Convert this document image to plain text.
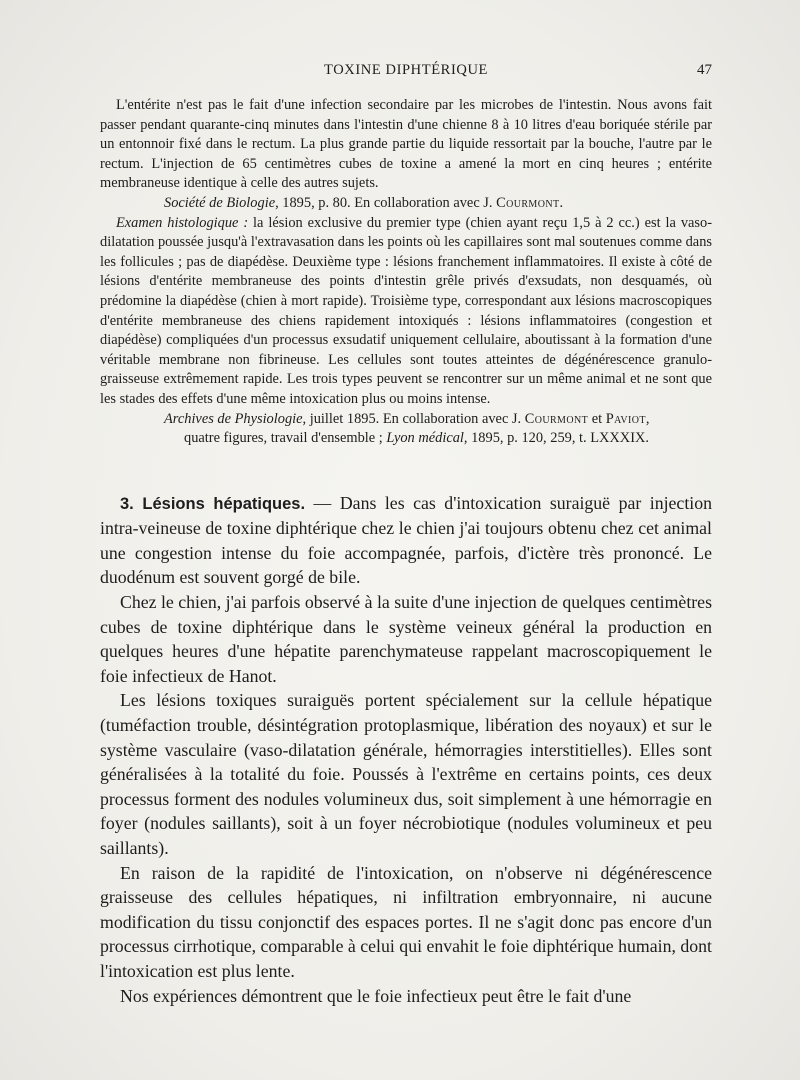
TOXINE DIPHTÉRIQUE	47

L'entérite n'est pas le fait d'une infection secondaire par les microbes de l'intestin. Nous avons fait passer pendant quarante-cinq minutes dans l'intestin d'une chienne 8 à 10 litres d'eau boriquée stérile par un entonnoir fixé dans le rectum. La plus grande partie du liquide ressortait par la bouche, l'autre par le rectum. L'injection de 65 centimètres cubes de toxine a amené la mort en cinq heures ; entérite membraneuse identique à celle des autres sujets.

Société de Biologie, 1895, p. 80. En collaboration avec J. Courmont.

Examen histologique : la lésion exclusive du premier type (chien ayant reçu 1,5 à 2 cc.) est la vaso-dilatation poussée jusqu'à l'extravasation dans les points où les capillaires sont mal soutenues comme dans les follicules ; pas de diapédèse. Deuxième type : lésions franchement inflammatoires. Il existe à côté de lésions d'entérite membraneuse des points d'intestin grêle privés d'exsudats, non desquamés, où prédomine la diapédèse (chien à mort rapide). Troisième type, correspondant aux lésions macroscopiques d'entérite membraneuse des chiens rapidement intoxiqués : lésions inflammatoires (congestion et diapédèse) compliquées d'un processus exsudatif uniquement cellulaire, aboutissant à la formation d'une véritable membrane non fibrineuse. Les cellules sont toutes atteintes de dégénérescence granulo-graisseuse extrêmement rapide. Les trois types peuvent se rencontrer sur un même animal et ne sont que les stades des effets d'une même intoxication plus ou moins intense.

Archives de Physiologie, juillet 1895. En collaboration avec J. Courmont et Paviot,
quatre figures, travail d'ensemble ; Lyon médical, 1895, p. 120, 259, t. LXXXIX.

3. Lésions hépatiques. — Dans les cas d'intoxication suraiguë par injection intra-veineuse de toxine diphtérique chez le chien j'ai toujours obtenu chez cet animal une congestion intense du foie accompagnée, parfois, d'ictère très prononcé. Le duodénum est souvent gorgé de bile.

Chez le chien, j'ai parfois observé à la suite d'une injection de quelques centimètres cubes de toxine diphtérique dans le système veineux général la production en quelques heures d'une hépatite parenchymateuse rappelant macroscopiquement le foie infectieux de Hanot.

Les lésions toxiques suraiguës portent spécialement sur la cellule hépatique (tuméfaction trouble, désintégration protoplasmique, libération des noyaux) et sur le système vasculaire (vaso-dilatation générale, hémorragies interstitielles). Elles sont généralisées à la totalité du foie. Poussés à l'extrême en certains points, ces deux processus forment des nodules volumineux dus, soit simplement à une hémorragie en foyer (nodules saillants), soit à un foyer nécrobiotique (nodules volumineux et peu saillants).

En raison de la rapidité de l'intoxication, on n'observe ni dégénérescence graisseuse des cellules hépatiques, ni infiltration embryonnaire, ni aucune modification du tissu conjonctif des espaces portes. Il ne s'agit donc pas encore d'un processus cirrhotique, comparable à celui qui envahit le foie diphtérique humain, dont l'intoxication est plus lente.

Nos expériences démontrent que le foie infectieux peut être le fait d'une
